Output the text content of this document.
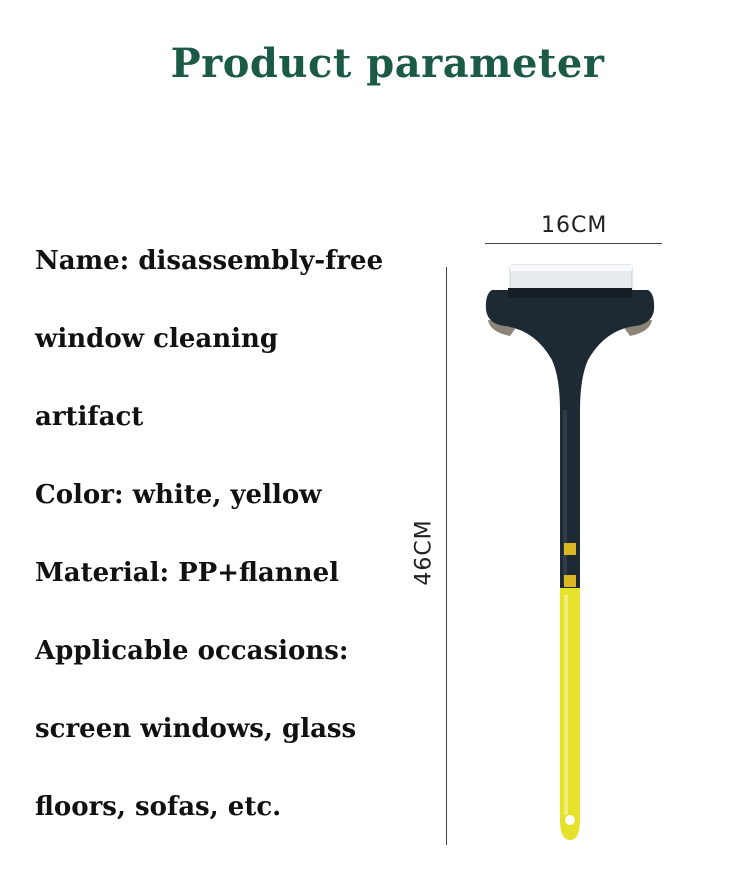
Product parameter
Name: disassembly-free
window cleaning
artifact
Color: white, yellow
Material: PP+flannel
Applicable occasions:
screen windows, glass
floors, sofas, etc.
16CM
46CM
